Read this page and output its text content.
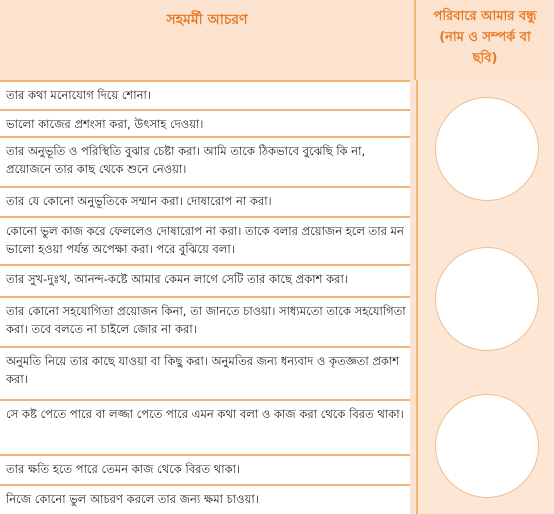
সহমর্মী আচরণ	পরিবারে আমার বন্ধু
(নাম ও সম্পর্ক বা
ছবি)
তার কথা মনোযোগ দিয়ে শোনা।
ভালো কাজের প্রশংসা করা, উৎসাহ দেওয়া।
তার অনুভূতি ও পরিস্থিতি বুঝার চেষ্টা করা। আমি তাকে ঠিকভাবে বুঝেছি কি না, প্রয়োজনে তার কাছ থেকে শুনে নেওয়া।
তার যে কোনো অনুভূতিকে সম্মান করা। দোষারোপ না করা।
কোনো ভুল কাজ করে ফেললেও দোষারোপ না করা। তাকে বলার প্রয়োজন হলে তার মন ভালো হওয়া পর্যন্ত অপেক্ষা করা। পরে বুঝিয়ে বলা।
তার সুখ-দুঃখ, আনন্দ-কষ্টে আমার কেমন লাগে সেটি তার কাছে প্রকাশ করা।
তার কোনো সহযোগিতা প্রয়োজন কিনা, তা জানতে চাওয়া। সাধ্যমতো তাকে সহযোগিতা করা। তবে বলতে না চাইলে জোর না করা।
অনুমতি নিয়ে তার কাছে যাওয়া বা কিছু করা। অনুমতির জন্য ধন্যবাদ ও কৃতজ্ঞতা প্রকাশ করা।
সে কষ্ট পেতে পারে বা লজ্জা পেতে পারে এমন কথা বলা ও কাজ করা থেকে বিরত থাকা।
তার ক্ষতি হতে পারে তেমন কাজ থেকে বিরত থাকা।
নিজে কোনো ভুল আচরণ করলে তার জন্য ক্ষমা চাওয়া।
